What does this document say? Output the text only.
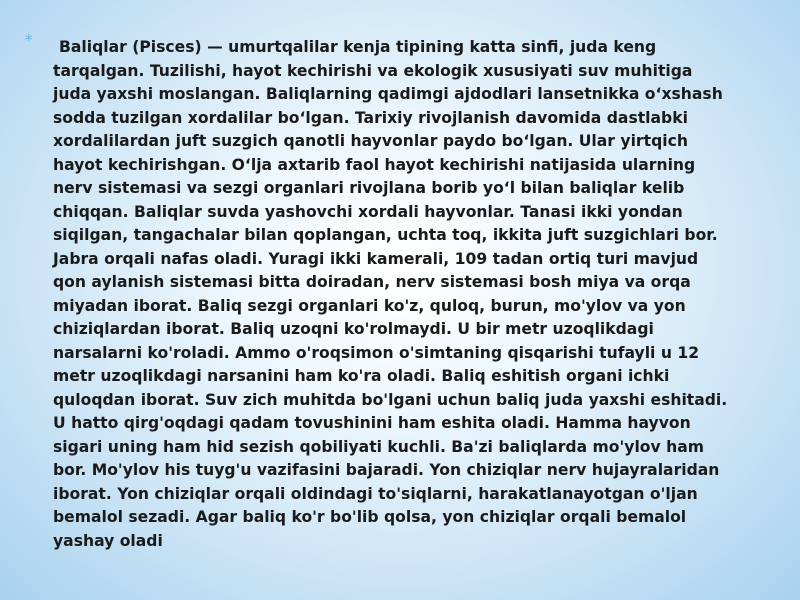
*	Baliqlar (Pisces) — umurtqalilar kenja tipining katta sinfi, juda keng
tarqalgan. Tuzilishi, hayot kechirishi va ekologik xususiyati suv muhitiga
juda yaxshi moslangan. Baliqlarning qadimgi ajdodlari lansetnikka oʻxshash
sodda tuzilgan xordalilar boʻlgan. Tarixiy rivojlanish davomida dastlabki
xordalilardan juft suzgich qanotli hayvonlar paydo boʻlgan. Ular yirtqich
hayot kechirishgan. Oʻlja axtarib faol hayot kechirishi natijasida ularning
nerv sistemasi va sezgi organlari rivojlana borib yoʻl bilan baliqlar kelib
chiqqan. Baliqlar suvda yashovchi xordali hayvonlar. Tanasi ikki yondan
siqilgan, tangachalar bilan qoplangan, uchta toq, ikkita juft suzgichlari bor.
Jabra orqali nafas oladi. Yuragi ikki kamerali, 109 tadan ortiq turi mavjud
qon aylanish sistemasi bitta doiradan, nerv sistemasi bosh miya va orqa
miyadan iborat. Baliq sezgi organlari ko'z, quloq, burun, mo'ylov va yon
chiziqlardan iborat. Baliq uzoqni ko'rolmaydi. U bir metr uzoqlikdagi
narsalarni ko'roladi. Ammo o'roqsimon o'simtaning qisqarishi tufayli u 12
metr uzoqlikdagi narsanini ham ko'ra oladi. Baliq eshitish organi ichki
quloqdan iborat. Suv zich muhitda bo'lgani uchun baliq juda yaxshi eshitadi.
U hatto qirg'oqdagi qadam tovushinini ham eshita oladi. Hamma hayvon
sigari uning ham hid sezish qobiliyati kuchli. Ba'zi baliqlarda mo'ylov ham
bor. Mo'ylov his tuyg'u vazifasini bajaradi. Yon chiziqlar nerv hujayralaridan
iborat. Yon chiziqlar orqali oldindagi to'siqlarni, harakatlanayotgan o'ljan
bemalol sezadi. Agar baliq ko'r bo'lib qolsa, yon chiziqlar orqali bemalol
yashay oladi
